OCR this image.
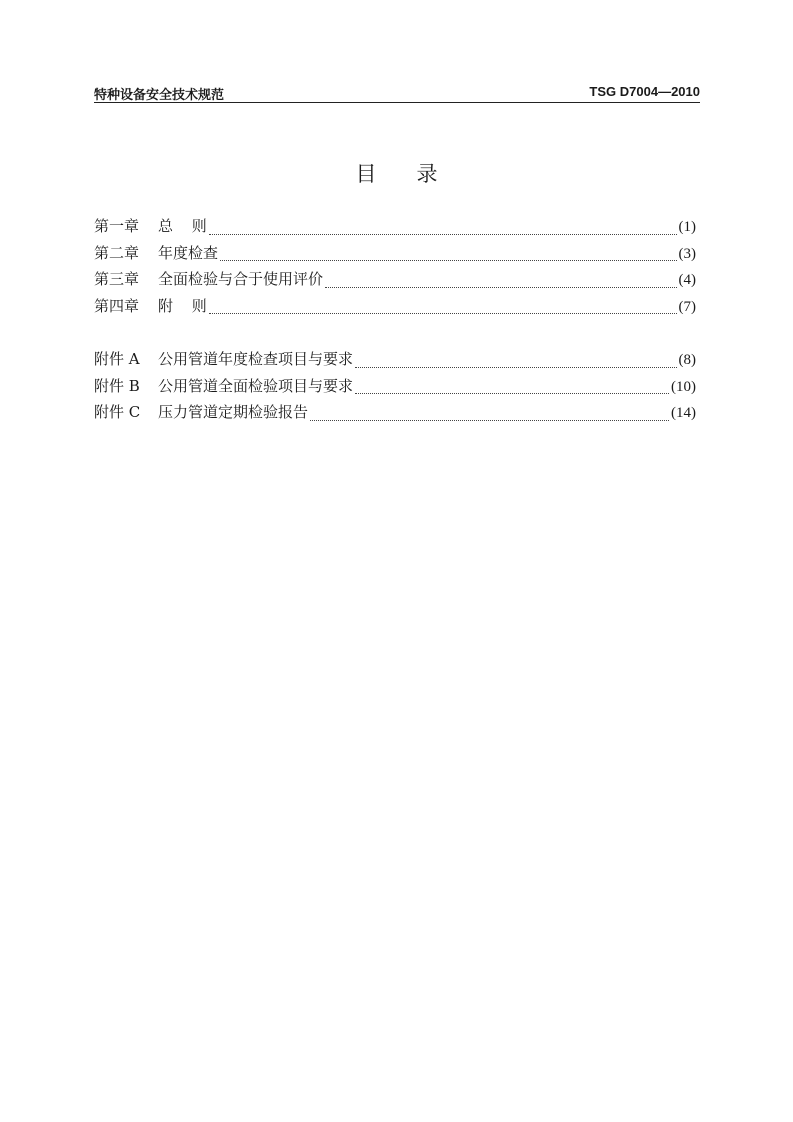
特种设备安全技术规范	TSG D7004—2010
目录
第一章	总 则	(1)
第二章	年度检查	(3)
第三章	全面检验与合于使用评价	(4)
第四章	附 则	(7)
附件 A	公用管道年度检查项目与要求	(8)
附件 B	公用管道全面检验项目与要求	(10)
附件 C	压力管道定期检验报告	(14)
